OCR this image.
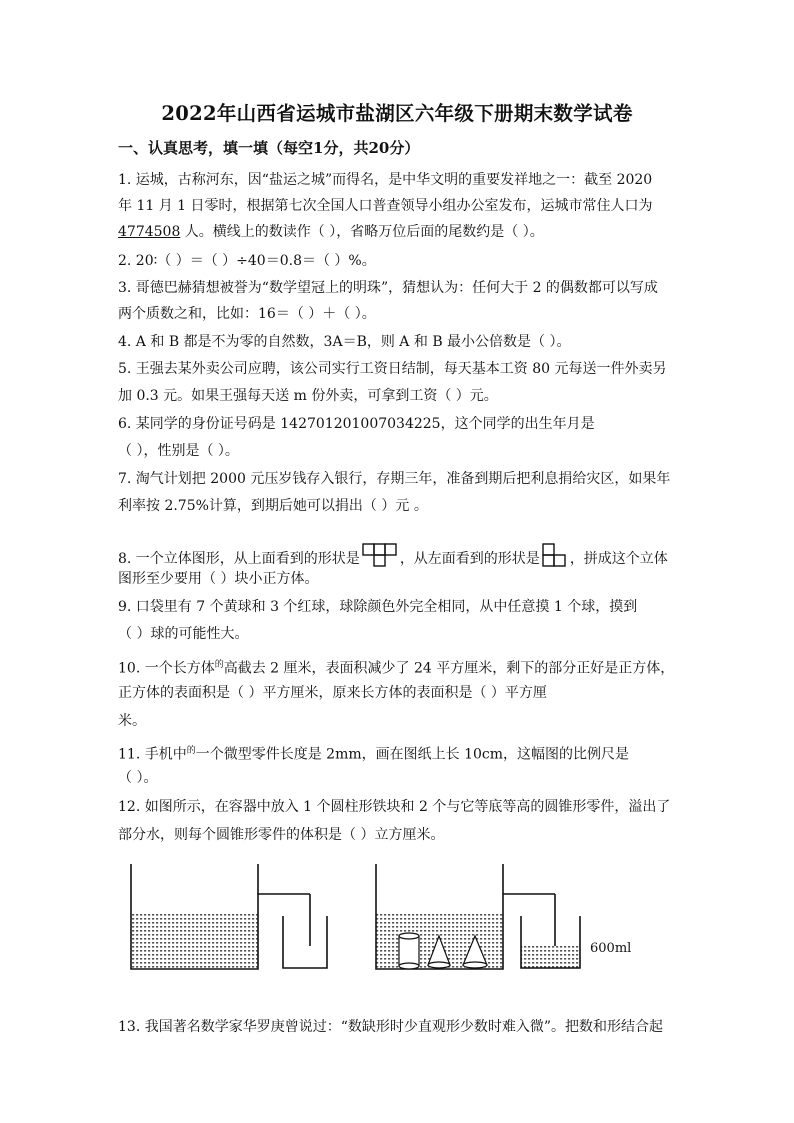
2022年山西省运城市盐湖区六年级下册期末数学试卷
一、认真思考，填一填（每空1分，共20分）
1. 运城，古称河东，因“盐运之城”而得名，是中华文明的重要发祥地之一：截至 2020
年 11 月 1 日零时，根据第七次全国人口普查领导小组办公室发布，运城市常住人口为
4774508 人。横线上的数读作（ ），省略万位后面的尾数约是（ ）。
2. 20∶（ ）＝（ ）÷40＝0.8＝（ ）%。
3. 哥德巴赫猜想被誉为“数学望冠上的明珠”，猜想认为：任何大于 2 的偶数都可以写成
两个质数之和，比如：16＝（ ）＋（ ）。
4. A 和 B 都是不为零的自然数，3A＝B，则 A 和 B 最小公倍数是（ ）。
5. 王强去某外卖公司应聘，该公司实行工资日结制，每天基本工资 80 元每送一件外卖另
加 0.3 元。如果王强每天送 m 份外卖，可拿到工资（ ）元。
6. 某同学的身份证号码是 142701201007034225，这个同学的出生年月是
（ ），性别是（ ）。
7. 淘气计划把 2000 元压岁钱存入银行，存期三年，准备到期后把利息捐给灾区，如果年
利率按 2.75%计算，到期后她可以捐出（ ）元 。
8. 一个立体图形，从上面看到的形状是	，从左面看到的形状是 ，拼成这个立体
图形至少要用（ ）块小正方体。
9. 口袋里有 7 个黄球和 3 个红球，球除颜色外完全相同，从中任意摸 1 个球，摸到
（ ）球的可能性大。
10. 一个长方体$^的$高截去 2 厘米，表面积减少了 24 平方厘米，剩下的部分正好是正方体，
正方体的表面积是（ ）平方厘米，原来长方体的表面积是（ ）平方厘
米。
11. 手机中$^的$一个微型零件长度是 2mm，画在图纸上长 10cm，这幅图的比例尺是
（ ）。
12. 如图所示，在容器中放入 1 个圆柱形铁块和 2 个与它等底等高的圆锥形零件，溢出了
部分水，则每个圆锥形零件的体积是（ ）立方厘米。
600ml
13. 我国著名数学家华罗庚曾说过：“数缺形时少直观形少数时难入微”。把数和形结合起
